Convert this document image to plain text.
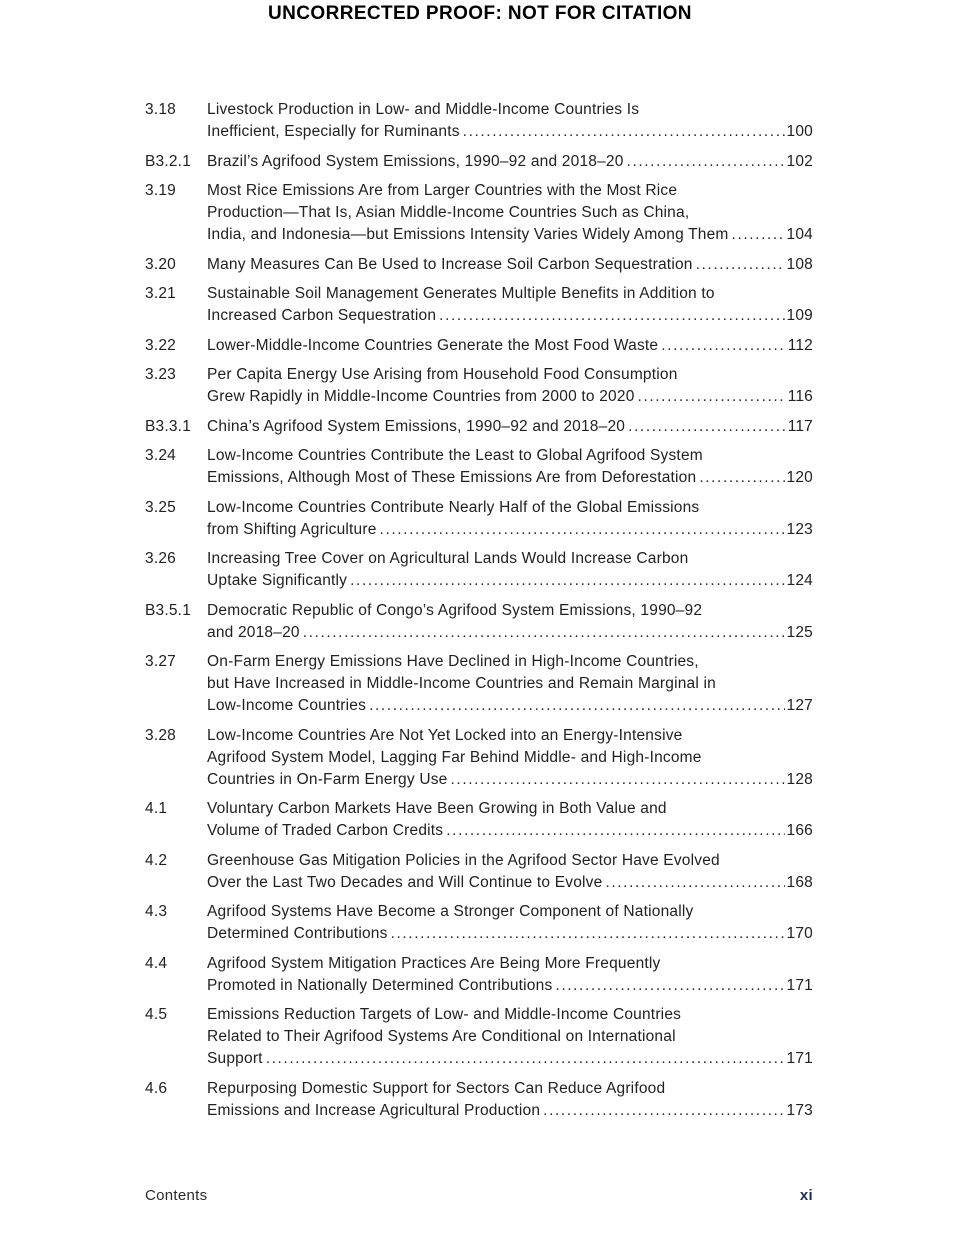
UNCORRECTED PROOF: NOT FOR CITATION
3.18	Livestock Production in Low- and Middle-Income Countries Is
Inefficient, Especially for Ruminants .....	100
B3.2.1	Brazil’s Agrifood System Emissions, 1990–92 and 2018–20 .....	102
3.19	Most Rice Emissions Are from Larger Countries with the Most Rice
Production—That Is, Asian Middle-Income Countries Such as China,
India, and Indonesia—but Emissions Intensity Varies Widely Among Them .....	104
3.20	Many Measures Can Be Used to Increase Soil Carbon Sequestration .....	108
3.21	Sustainable Soil Management Generates Multiple Benefits in Addition to
Increased Carbon Sequestration .....	109
3.22	Lower-Middle-Income Countries Generate the Most Food Waste .....	112
3.23	Per Capita Energy Use Arising from Household Food Consumption
Grew Rapidly in Middle-Income Countries from 2000 to 2020 .....	116
B3.3.1	China’s Agrifood System Emissions, 1990–92 and 2018–20 .....	117
3.24	Low-Income Countries Contribute the Least to Global Agrifood System
Emissions, Although Most of These Emissions Are from Deforestation .....	120
3.25	Low-Income Countries Contribute Nearly Half of the Global Emissions
from Shifting Agriculture .....	123
3.26	Increasing Tree Cover on Agricultural Lands Would Increase Carbon
Uptake Significantly .....	124
B3.5.1	Democratic Republic of Congo’s Agrifood System Emissions, 1990–92
and 2018–20 .....	125
3.27	On-Farm Energy Emissions Have Declined in High-Income Countries,
but Have Increased in Middle-Income Countries and Remain Marginal in
Low-Income Countries .....	127
3.28	Low-Income Countries Are Not Yet Locked into an Energy-Intensive
Agrifood System Model, Lagging Far Behind Middle- and High-Income
Countries in On-Farm Energy Use .....	128
4.1	Voluntary Carbon Markets Have Been Growing in Both Value and
Volume of Traded Carbon Credits .....	166
4.2	Greenhouse Gas Mitigation Policies in the Agrifood Sector Have Evolved
Over the Last Two Decades and Will Continue to Evolve .....	168
4.3	Agrifood Systems Have Become a Stronger Component of Nationally
Determined Contributions .....	170
4.4	Agrifood System Mitigation Practices Are Being More Frequently
Promoted in Nationally Determined Contributions .....	171
4.5	Emissions Reduction Targets of Low- and Middle-Income Countries
Related to Their Agrifood Systems Are Conditional on International
Support .....	171
4.6	Repurposing Domestic Support for Sectors Can Reduce Agrifood
Emissions and Increase Agricultural Production .....	173
Contents	xi
